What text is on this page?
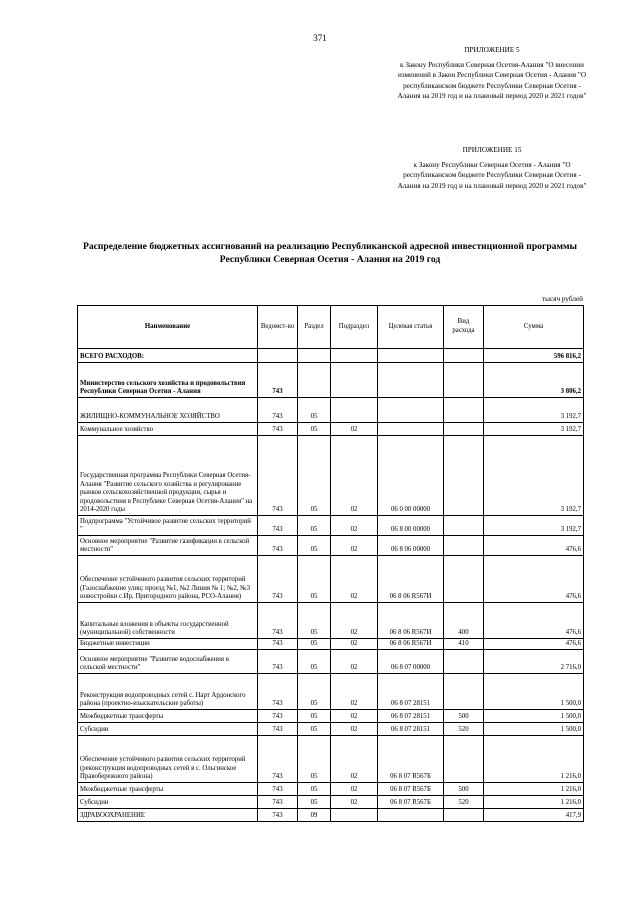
371
ПРИЛОЖЕНИЕ 5
к Закону Республики Северная Осетия-Алания "О внесении изменений в Закон Республики Северная Осетия - Алания "О республиканском бюджете Республики Северная Осетия - Алания на 2019 год и на плановый период 2020 и 2021 годов"
ПРИЛОЖЕНИЕ 15
к Закону Республики Северная Осетия - Алания "О республиканском бюджете Республики Северная Осетия - Алания на 2019 год и на плановый период 2020 и 2021 годов"
Распределение бюджетных ассигнований на реализацию Республиканской адресной инвестиционной программы Республики Северная Осетия - Алания на 2019 год
тысяч рублей
Наименование	Ведомст-во	Раздел	Подраздел	Целевая статья	Вид расхода	Сумма
ВСЕГО РАСХОДОВ:						596 816,2
Министерство сельского хозяйства и продовольствия Республики Северная Осетия - Алания	743					3 806,2
ЖИЛИЩНО-КОММУНАЛЬНОЕ ХОЗЯЙСТВО	743	05				3 192,7
Коммунальное хозяйство	743	05	02			3 192,7
Государственная программа Республики Северная Осетия-Алания "Развитие сельского хозяйства и регулирование рынков сельскохозяйственной продукции, сырья и продовольствия в Республике Северная Осетия-Алания" на 2014-2020 годы	743	05	02	06 0 00 00000		3 192,7
Подпрограмма "Устойчивое развитие сельских территорий "	743	05	02	06 8 00 00000		3 192,7
Основное мероприятие "Развитие газификации в сельской местности"	743	05	02	06 8 06 00000		476,6
Обеспечение устойчивого развития сельских территорий (Газоснабжение улиц: проезд №1, №2 Линия № 1; №2, №3 новостройки с.Ир, Пригородного района, РСО-Алания)	743	05	02	06 8 06 R567И		476,6
Капитальные вложения в объекты государственной (муниципальной) собственности	743	05	02	06 8 06 R567И	400	476,6
Бюджетные инвестиции	743	05	02	06 8 06 R567И	410	476,6
Основное мероприятие "Развитие водоснабжения в сельской местности"	743	05	02	06 8 07 00000		2 716,0
Реконструкция водопроводных сетей с. Нарт Ардонского района (проектно-изыскательские работы)	743	05	02	06 8 07 28151		1 500,0
Межбюджетные трансферты	743	05	02	06 8 07 28151	500	1 500,0
Субсидии	743	05	02	06 8 07 28151	520	1 500,0
Обеспечение устойчивого развития сельских территорий (реконструкция водопроводных сетей в с. Ольгинское Правобережного района)	743	05	02	06 8 07 R567Б		1 216,0
Межбюджетные трансферты	743	05	02	06 8 07 R567Б	500	1 216,0
Субсидии	743	05	02	06 8 07 R567Б	520	1 216,0
ЗДРАВООХРАНЕНИЕ	743	09				417,9
